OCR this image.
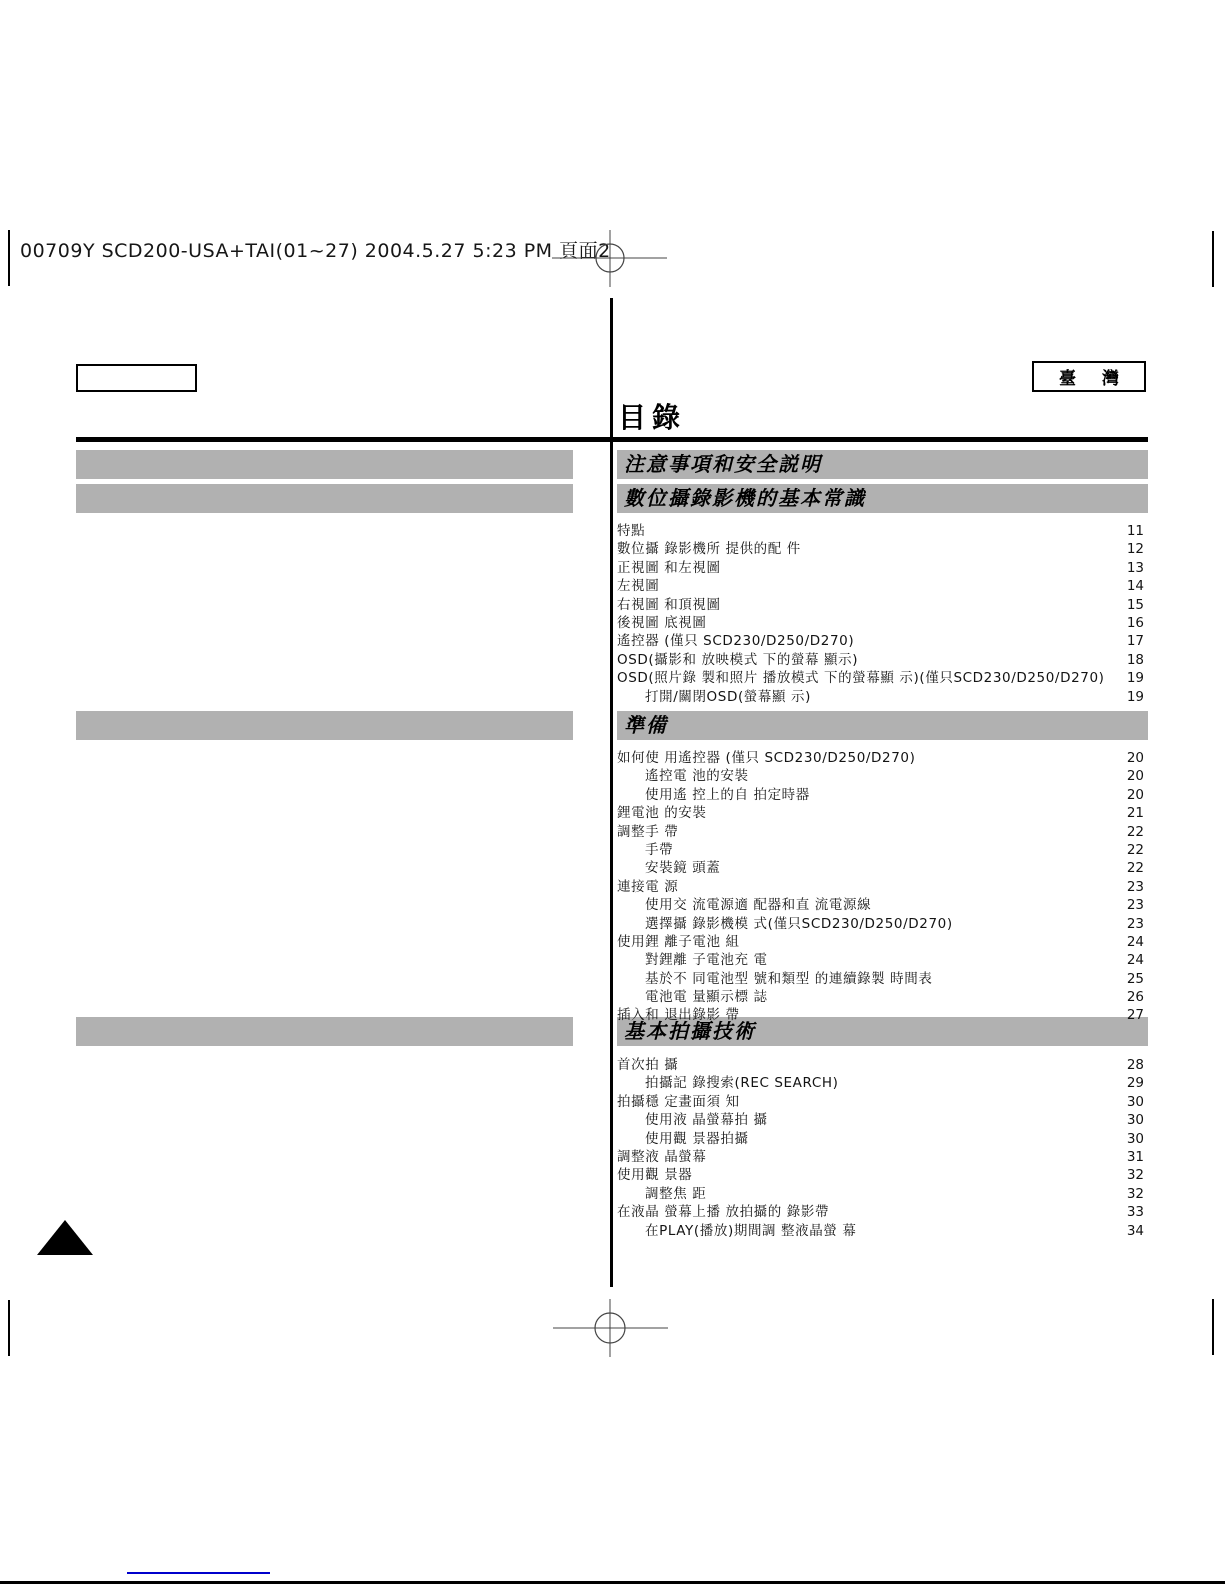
00709Y SCD200-USA+TAI(01~27) 2004.5.27 5:23 PM 頁面2
臺 灣
目錄
注意事項和安全説明
數位攝錄影機的基本常識
準備
基本拍攝技術
特點	11
數位攝 錄影機所 提供的配 件	12
正視圖 和左視圖	13
左視圖	14
右視圖 和頂視圖	15
後視圖 底視圖	16
遙控器 (僅只 SCD230/D250/D270)	17
OSD(攝影和 放映模式 下的螢幕 顯示)	18
OSD(照片錄 製和照片 播放模式 下的螢幕顯 示)(僅只SCD230/D250/D270) 19
打開/關閉OSD(螢幕顯 示)	19
如何使 用遙控器 (僅只 SCD230/D250/D270)	20
遙控電 池的安裝	20
使用遙 控上的自 拍定時器	20
鋰電池 的安裝	21
調整手 帶	22
手帶	22
安裝鏡 頭蓋	22
連接電 源	23
使用交 流電源適 配器和直 流電源線	23
選擇攝 錄影機模 式(僅只SCD230/D250/D270)	23
使用鋰 離子電池 組	24
對鋰離 子電池充 電	24
基於不 同電池型 號和類型 的連續錄製 時間表	25
電池電 量顯示標 誌	26
插入和 退出錄影 帶	27
首次拍 攝	28
拍攝記 錄搜索(REC SEARCH)	29
拍攝穩 定畫面須 知	30
使用液 晶螢幕拍 攝	30
使用觀 景器拍攝	30
調整液 晶螢幕	31
使用觀 景器	32
調整焦 距	32
在液晶 螢幕上播 放拍攝的 錄影帶	33
在PLAY(播放)期間調 整液晶螢 幕	34
